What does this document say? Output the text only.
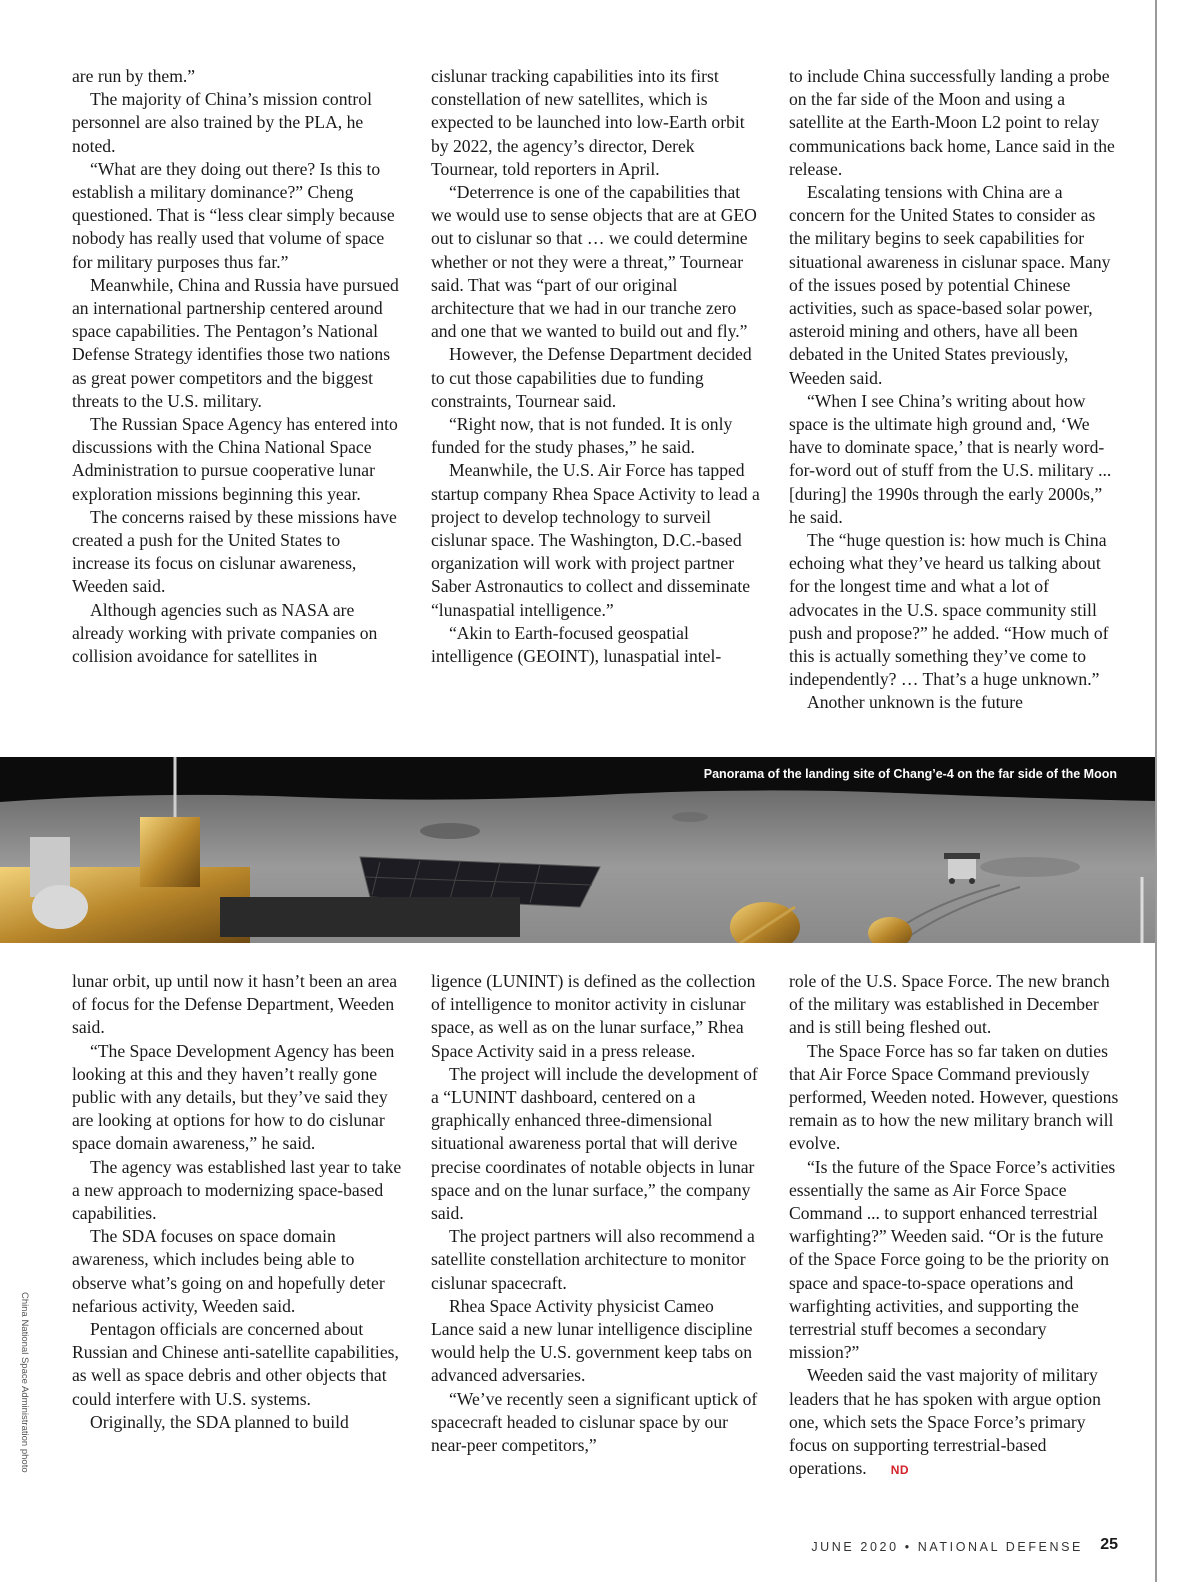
are run by them.”

The majority of China’s mission control personnel are also trained by the PLA, he noted.

“What are they doing out there? Is this to establish a military dominance?” Cheng questioned. That is “less clear simply because nobody has really used that volume of space for military purposes thus far.”

Meanwhile, China and Russia have pursued an international partnership centered around space capabilities. The Pentagon’s National Defense Strategy identifies those two nations as great power competitors and the biggest threats to the U.S. military.

The Russian Space Agency has entered into discussions with the China National Space Administration to pursue cooperative lunar exploration missions beginning this year.

The concerns raised by these missions have created a push for the United States to increase its focus on cislunar awareness, Weeden said.

Although agencies such as NASA are already working with private companies on collision avoidance for satellites in

cislunar tracking capabilities into its first constellation of new satellites, which is expected to be launched into low-Earth orbit by 2022, the agency’s director, Derek Tournear, told reporters in April.

“Deterrence is one of the capabilities that we would use to sense objects that are at GEO out to cislunar so that … we could determine whether or not they were a threat,” Tournear said. That was “part of our original architecture that we had in our tranche zero and one that we wanted to build out and fly.”

However, the Defense Department decided to cut those capabilities due to funding constraints, Tournear said.

“Right now, that is not funded. It is only funded for the study phases,” he said.

Meanwhile, the U.S. Air Force has tapped startup company Rhea Space Activity to lead a project to develop technology to surveil cislunar space. The Washington, D.C.-based organization will work with project partner Saber Astronautics to collect and disseminate “lunaspatial intelligence.”

“Akin to Earth-focused geospatial intelligence (GEOINT), lunaspatial intel-

to include China successfully landing a probe on the far side of the Moon and using a satellite at the Earth-Moon L2 point to relay communications back home, Lance said in the release.

Escalating tensions with China are a concern for the United States to consider as the military begins to seek capabilities for situational awareness in cislunar space. Many of the issues posed by potential Chinese activities, such as space-based solar power, asteroid mining and others, have all been debated in the United States previously, Weeden said.

“When I see China’s writing about how space is the ultimate high ground and, ‘We have to dominate space,’ that is nearly word-for-word out of stuff from the U.S. military ... [during] the 1990s through the early 2000s,” he said.

The “huge question is: how much is China echoing what they’ve heard us talking about for the longest time and what a lot of advocates in the U.S. space community still push and propose?” he added. “How much of this is actually something they’ve come to independently? … That’s a huge unknown.”

Another unknown is the future

Panorama of the landing site of Chang’e-4 on the far side of the Moon

lunar orbit, up until now it hasn’t been an area of focus for the Defense Department, Weeden said.

“The Space Development Agency has been looking at this and they haven’t really gone public with any details, but they’ve said they are looking at options for how to do cislunar space domain awareness,” he said.

The agency was established last year to take a new approach to modernizing space-based capabilities.

The SDA focuses on space domain awareness, which includes being able to observe what’s going on and hopefully deter nefarious activity, Weeden said.

Pentagon officials are concerned about Russian and Chinese anti-satellite capabilities, as well as space debris and other objects that could interfere with U.S. systems.

Originally, the SDA planned to build

ligence (LUNINT) is defined as the collection of intelligence to monitor activity in cislunar space, as well as on the lunar surface,” Rhea Space Activity said in a press release.

The project will include the development of a “LUNINT dashboard, centered on a graphically enhanced three-dimensional situational awareness portal that will derive precise coordinates of notable objects in lunar space and on the lunar surface,” the company said.

The project partners will also recommend a satellite constellation architecture to monitor cislunar spacecraft.

Rhea Space Activity physicist Cameo Lance said a new lunar intelligence discipline would help the U.S. government keep tabs on advanced adversaries.

“We’ve recently seen a significant uptick of spacecraft headed to cislunar space by our near-peer competitors,”

role of the U.S. Space Force. The new branch of the military was established in December and is still being fleshed out.

The Space Force has so far taken on duties that Air Force Space Command previously performed, Weeden noted. However, questions remain as to how the new military branch will evolve.

“Is the future of the Space Force’s activities essentially the same as Air Force Space Command ... to support enhanced terrestrial warfighting?” Weeden said. “Or is the future of the Space Force going to be the priority on space and space-to-space operations and warfighting activities, and supporting the terrestrial stuff becomes a secondary mission?”

Weeden said the vast majority of military leaders that he has spoken with argue option one, which sets the Space Force’s primary focus on supporting terrestrial-based operations. ND

China National Space Administration photo
JUNE 2020 • NATIONAL DEFENSE	25
